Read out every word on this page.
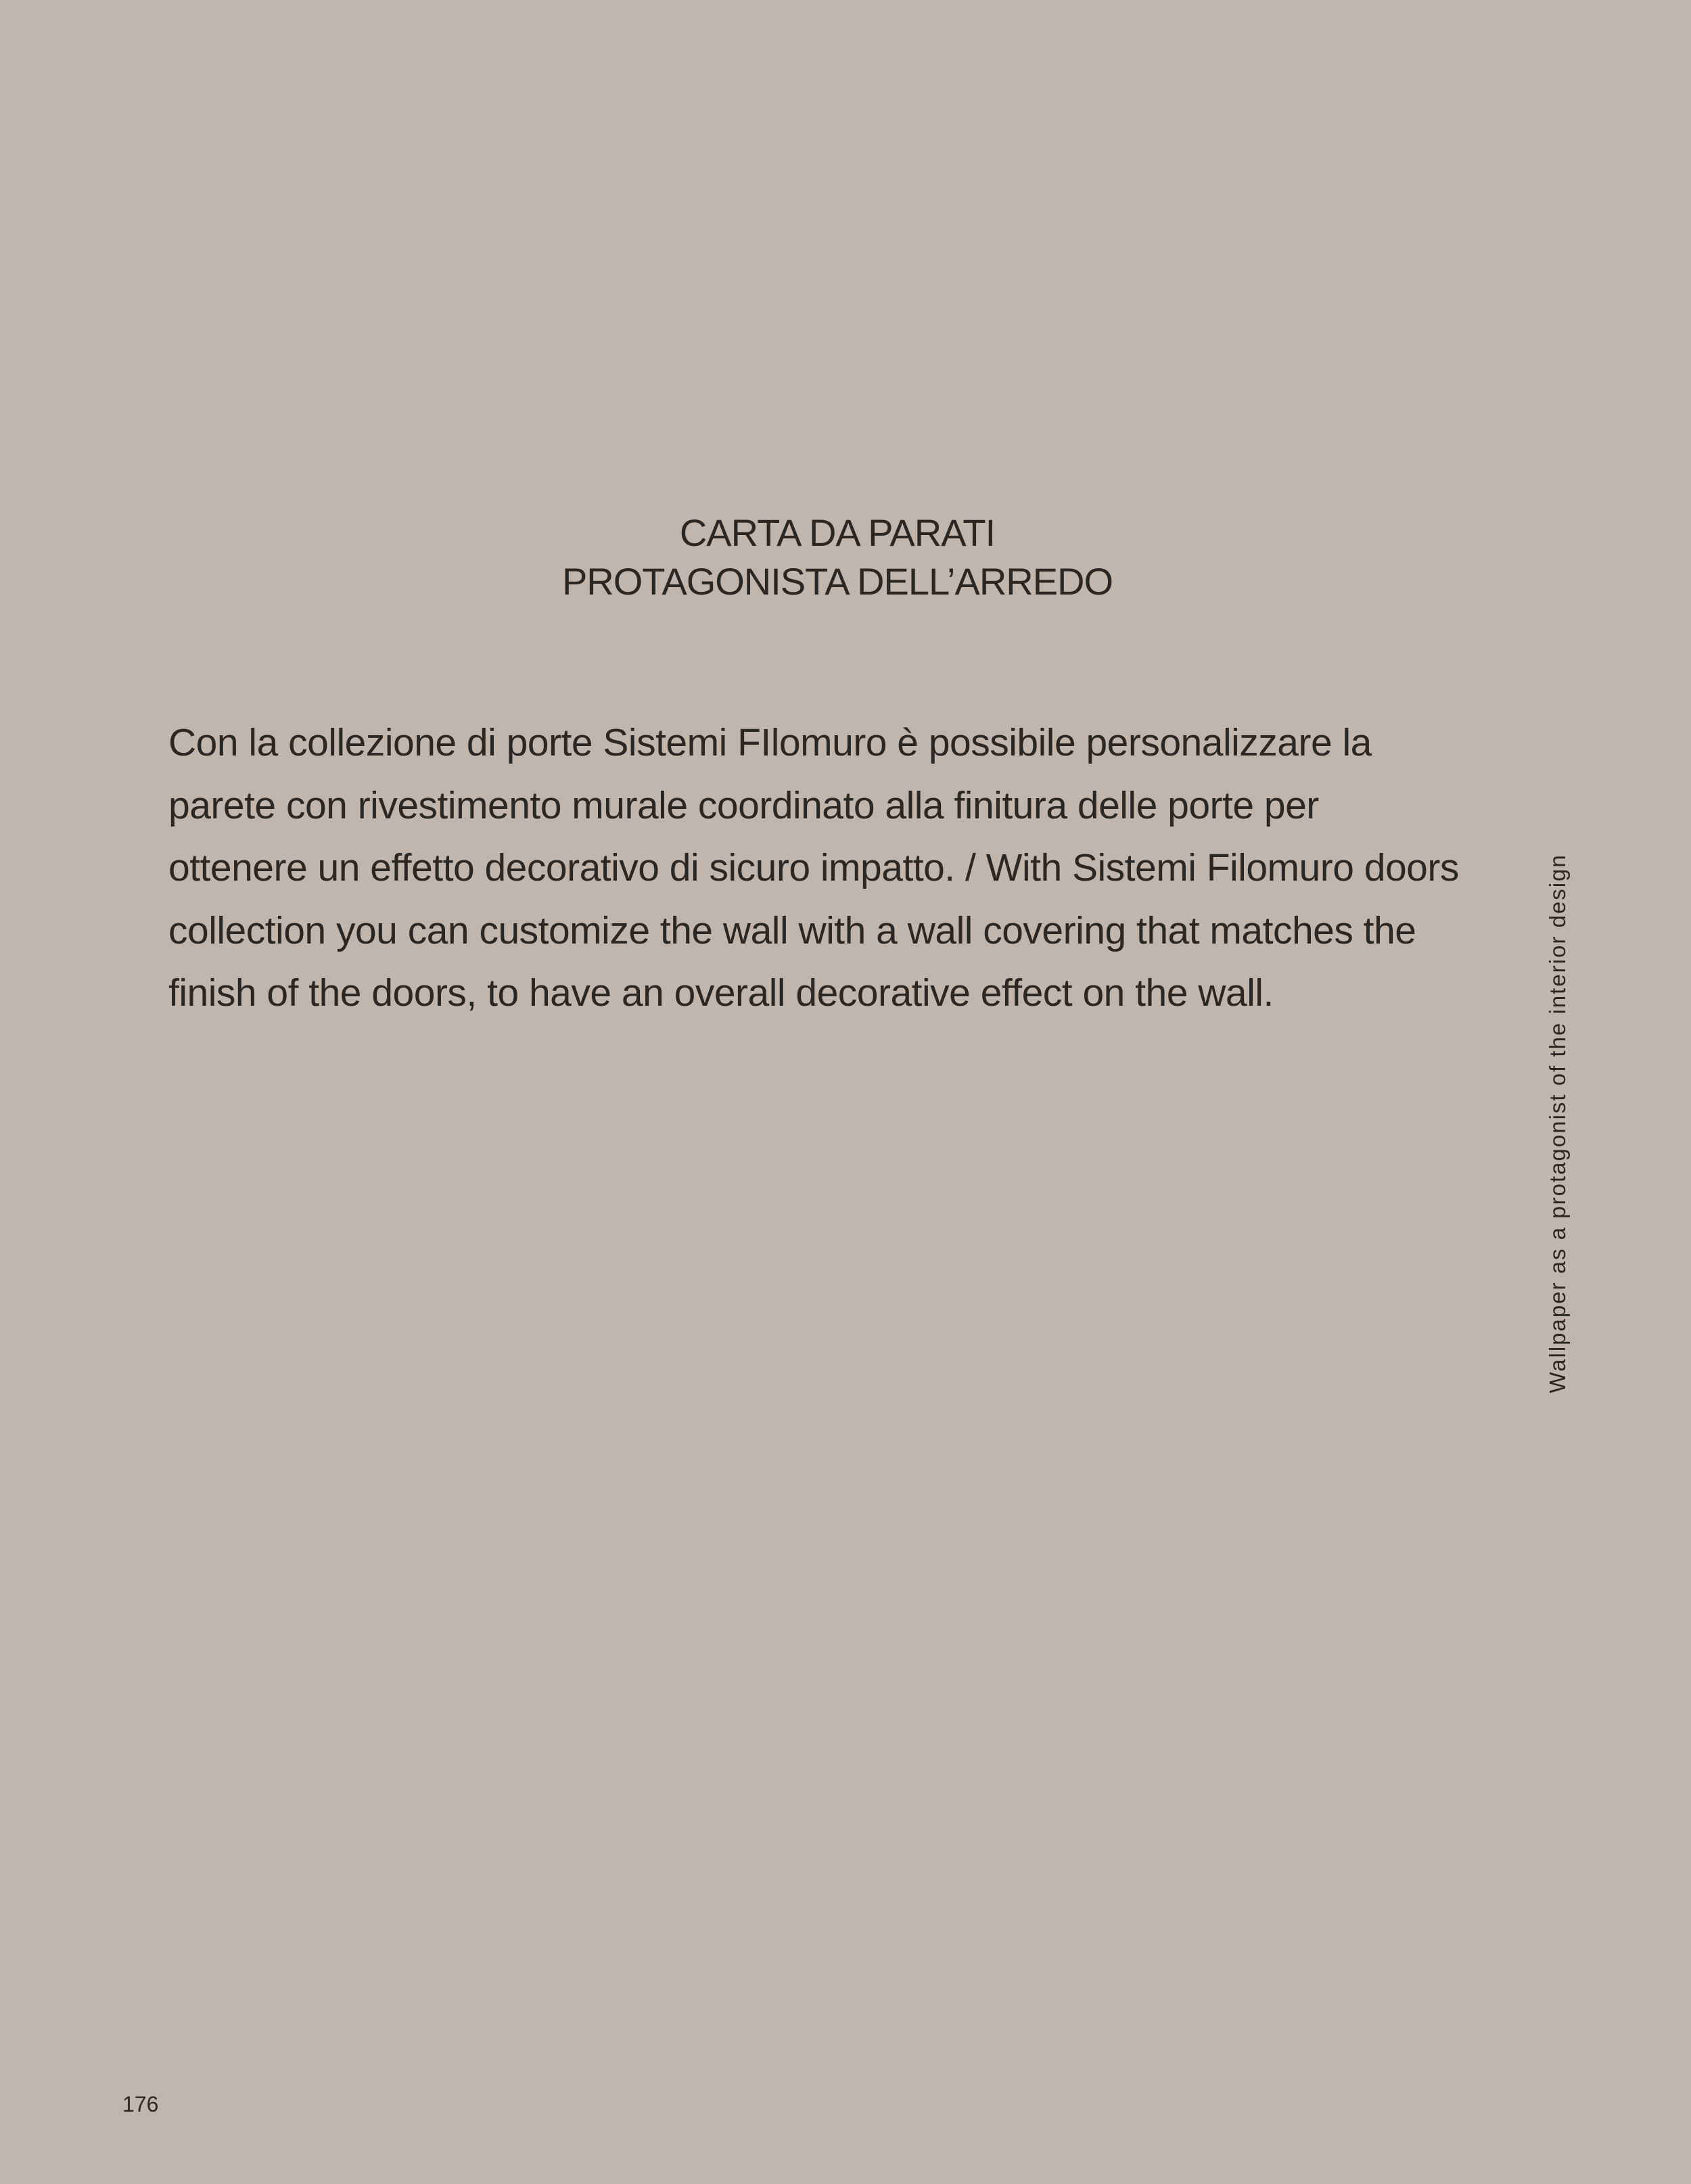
CARTA DA PARATI
PROTAGONISTA DELL’ARREDO

Con la collezione di porte Sistemi FIlomuro è possibile personalizzare la parete con rivestimento murale coordinato alla finitura delle porte per ottenere un effetto decorativo di sicuro impatto. / With Sistemi Filomuro doors collection you can customize the wall with a wall covering that matches the finish of the doors, to have an overall decorative effect on the wall.	Wallpaper as a protagonist of the interior design
176
